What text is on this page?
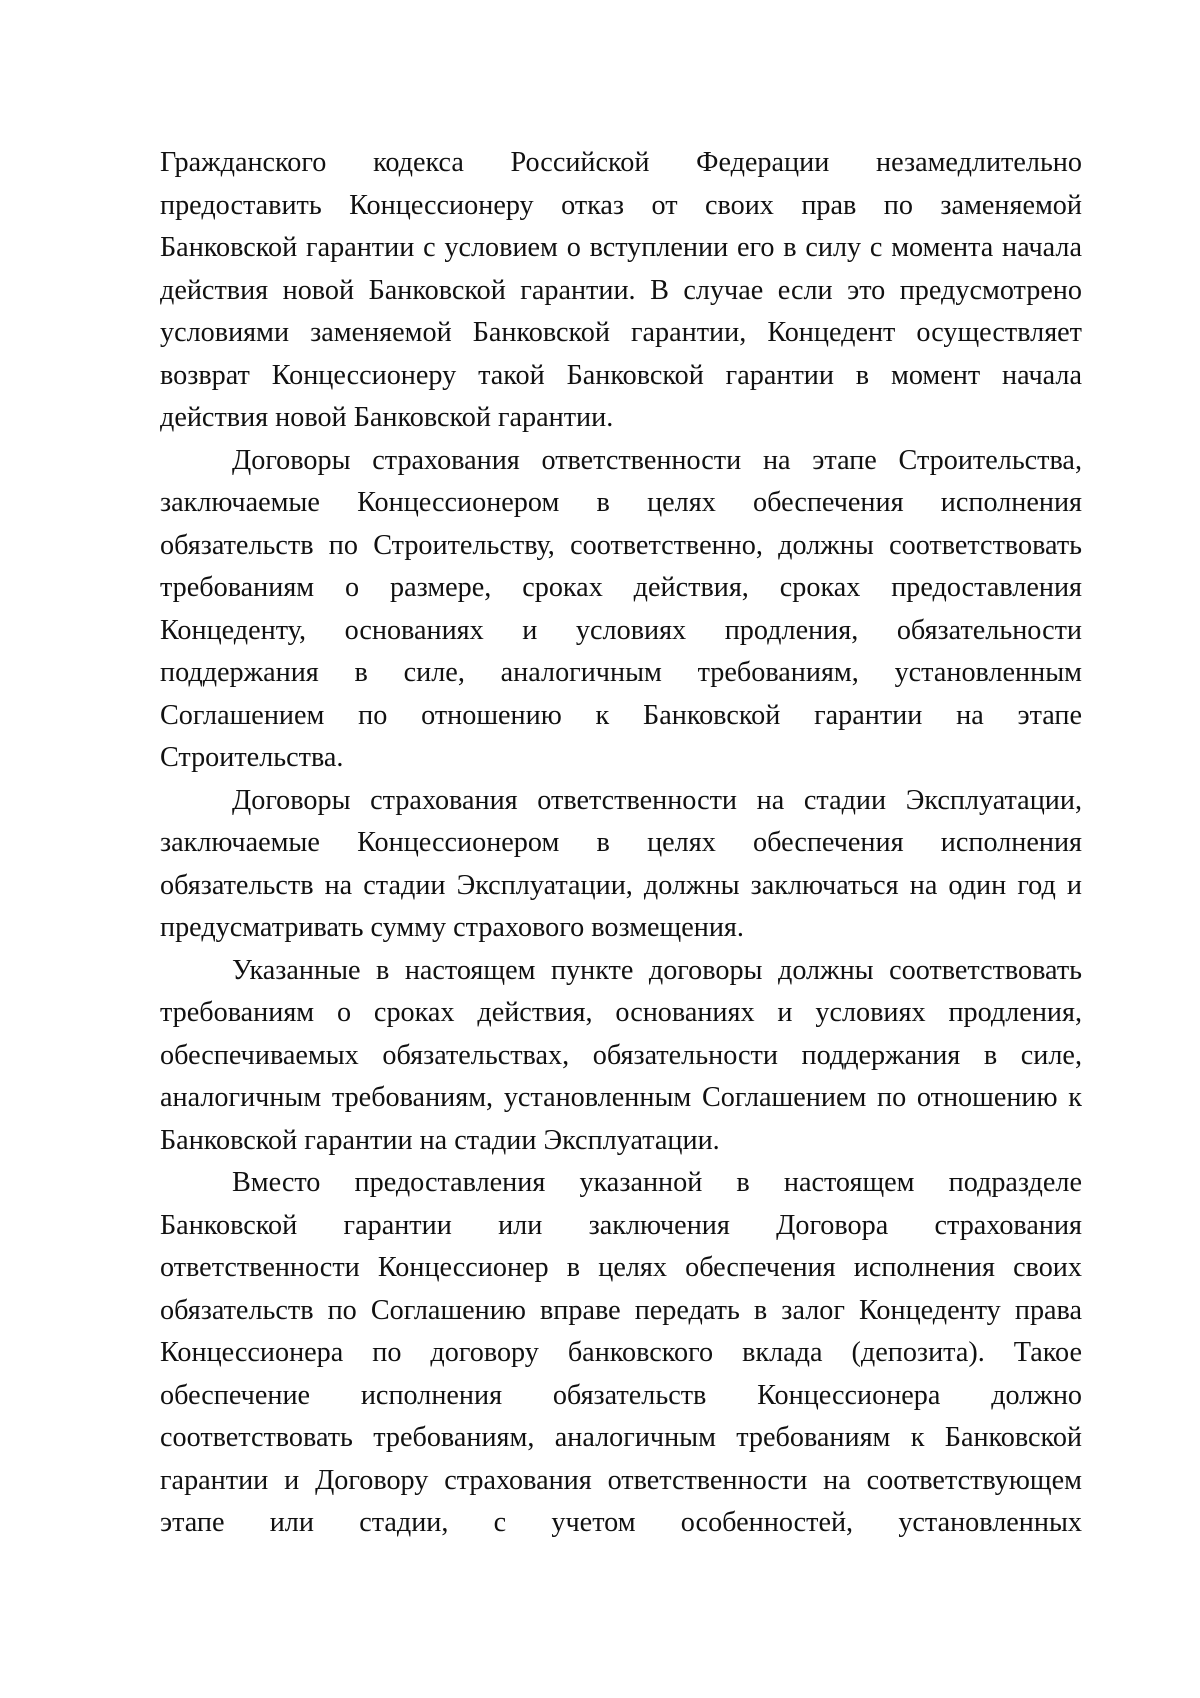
Гражданского кодекса Российской Федерации незамедлительно предоставить Концессионеру отказ от своих прав по заменяемой Банковской гарантии с условием о вступлении его в силу с момента начала действия новой Банковской гарантии. В случае если это предусмотрено условиями заменяемой Банковской гарантии, Концедент осуществляет возврат Концессионеру такой Банковской гарантии в момент начала действия новой Банковской гарантии.

Договоры страхования ответственности на этапе Строительства, заключаемые Концессионером в целях обеспечения исполнения обязательств по Строительству, соответственно, должны соответствовать требованиям о размере, сроках действия, сроках предоставления Концеденту, основаниях и условиях продления, обязательности поддержания в силе, аналогичным требованиям, установленным Соглашением по отношению к Банковской гарантии на этапе Строительства.

Договоры страхования ответственности на стадии Эксплуатации, заключаемые Концессионером в целях обеспечения исполнения обязательств на стадии Эксплуатации, должны заключаться на один год и предусматривать сумму страхового возмещения.

Указанные в настоящем пункте договоры должны соответствовать требованиям о сроках действия, основаниях и условиях продления, обеспечиваемых обязательствах, обязательности поддержания в силе, аналогичным требованиям, установленным Соглашением по отношению к Банковской гарантии на стадии Эксплуатации.

Вместо предоставления указанной в настоящем подразделе Банковской гарантии или заключения Договора страхования ответственности Концессионер в целях обеспечения исполнения своих обязательств по Соглашению вправе передать в залог Концеденту права Концессионера по договору банковского вклада (депозита). Такое обеспечение исполнения обязательств Концессионера должно соответствовать требованиям, аналогичным требованиям к Банковской гарантии и Договору страхования ответственности на соответствующем этапе или стадии, с учетом особенностей, установленных
